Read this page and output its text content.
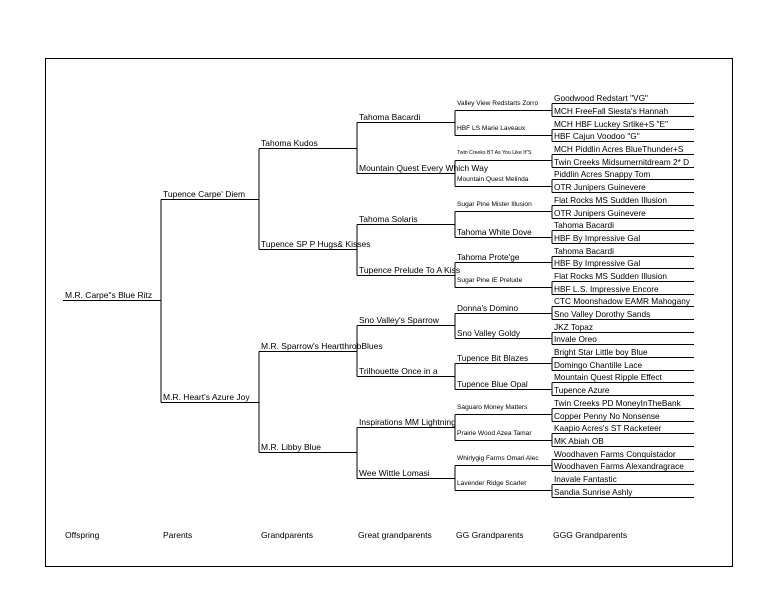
M.R. Carpe"s Blue Ritz
Tupence Carpe' Diem
M.R. Heart's Azure Joy
Tahoma Kudos
Tupence SP P Hugs& Kisses
M.R. Sparrow's HeartthrobBlues
M.R. Libby Blue
Tahoma Bacardi
Mountain Quest Every Which Way
Tahoma Solaris
Tupence Prelude To A Kiss
Sno Valley's Sparrow
Trilhouette Once in a
Inspirations MM Lightning
Wee Wittle Lomasi
Valley View Redstarts Zorro
HBF LS Marie Laveaux
Twin Creeks BT As You Like It"S
Mountain Quest Melinda
Sugar Pine Mister Illusion
Tahoma White Dove
Tahoma Prote'ge
Sugar Pine IE Prelude
Donna's Domino
Sno Valley Goldy
Tupence Bit Blazes
Tupence Blue Opal
Saguaro Money Matters
Prairie Wood Azea Tamar
Whirlygig Farms Omari Alec
Lavender Ridge Scarlet
Goodwood Redstart "VG"
MCH FreeFall Siesta's Hannah
MCH HBF Luckey Srtike+S "E"
HBF Cajun Voodoo "G"
MCH Piddlin Acres BlueThunder+S
Twin Creeks Midsumernitdream 2* D
Piddlin Acres Snappy Tom
OTR Junipers Guinevere
Flat Rocks MS Sudden Illusion
OTR Junipers Guinevere
Tahoma Bacardi
HBF By Impressive Gal
Tahoma Bacardi
HBF By Impressive Gal
Flat Rocks MS Sudden Illusion
HBF L.S. Impressive Encore
CTC Moonshadow EAMR Mahogany
Sno Valley Dorothy Sands
JKZ Topaz
Invale Oreo
Bright Star Little boy Blue
Domingo Chantille Lace
Mountain Quest Ripple Effect
Tupence Azure
Twin Creeks PD MoneyInTheBank
Copper Penny No Nonsense
Kaapio Acres's ST Racketeer
MK Abiah OB
Woodhaven Farms Conquistador
Woodhaven Farms Alexandragrace
Inavale Fantastic
Sandia Sunrise Ashly
Offspring	Parents	Grandparents	Great grandparents	GG Grandparents	GGG Grandparents
